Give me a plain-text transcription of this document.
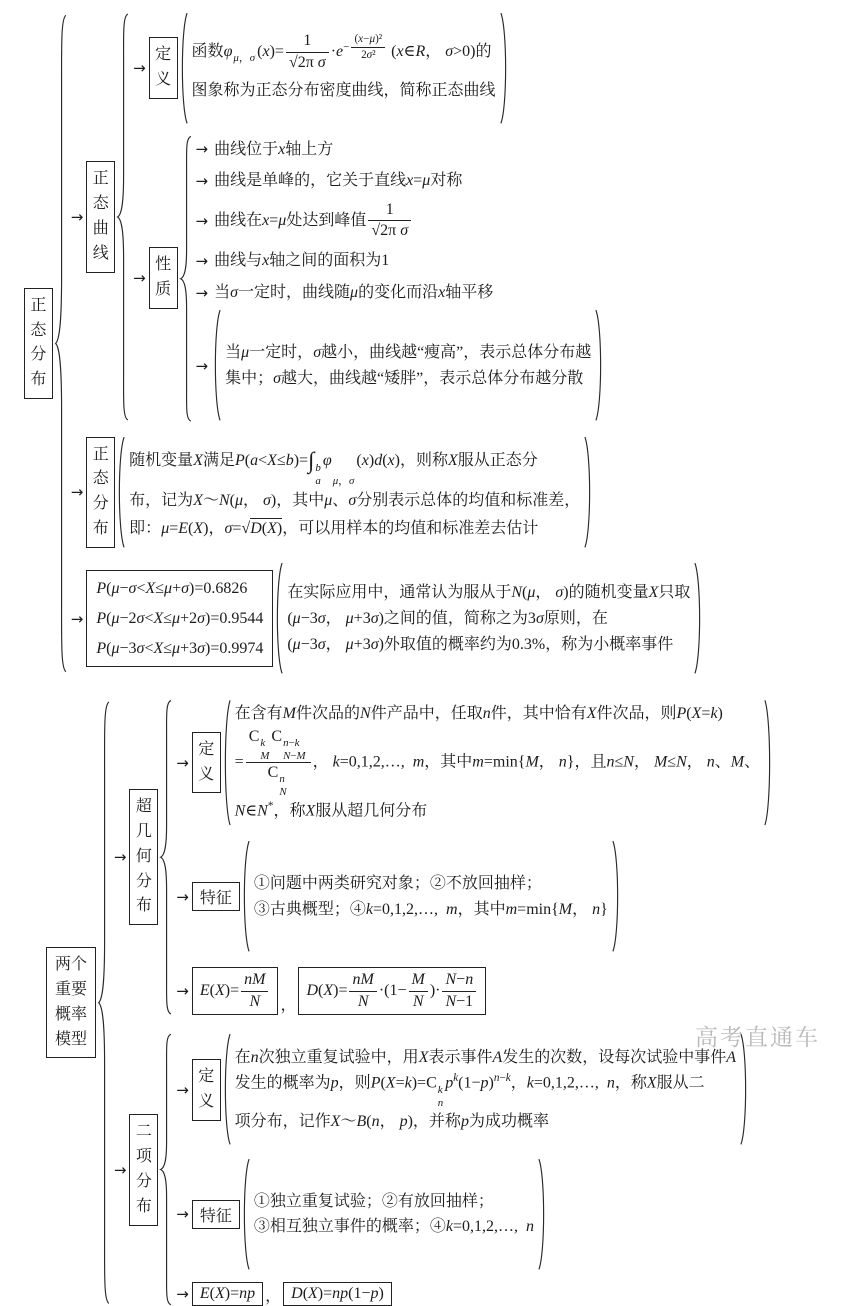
正态分布
→
正态曲线
→
定义
函数φ μ，σ
$(x)= \frac{1}{\text{√2π σ}} \cdot e^{- \frac{\text{(x−μ)²}}{\text{2σ²}}}$ (x∈R， σ>0)的
图象称为正态分布密度曲线，简称正态曲线
→
性质
→ 曲线位于x轴上方
→ 曲线是单峰的，它关于直线x=μ对称
→ 曲线在x=μ处达到峰值 $\frac{1}{\text{√2π σ}}$
→ 曲线与x轴之间的面积为1
→ 当σ一定时，曲线随μ的变化而沿x轴平移
→
当μ一定时，σ越小，曲线越“瘦高”，表示总体分布越
集中；σ越大，曲线越“矮胖”，表示总体分布越分散
→
正态分布
随机变量X满足P(a<X≤b)=∫ b
a
φ

μ，σ
(x)d(x)，则称X服从正态分
布，记为X～N(μ， σ)，其中μ、σ分别表示总体的均值和标准差，
即：μ=E(X)，σ=√D(X)，可以用样本的均值和标准差去估计
→
P(μ−σ<X≤μ+σ)=0.6826
P(μ−2σ<X≤μ+2σ)=0.9544
P(μ−3σ<X≤μ+3σ)=0.9974
在实际应用中，通常认为服从于N(μ， σ)的随机变量X只取
(μ−3σ， μ+3σ)之间的值，简称之为3σ原则，在
(μ−3σ， μ+3σ)外取值的概率约为0.3%，称为小概率事件
两个重要概率模型
→
超几何分布
→
定义
在含有M件次品的N件产品中，任取n件，其中恰有X件次品，则P(X=k)
=
C k
M
C n−k
N−M
C n
N
， k=0,1,2,…,  m，其中m=min{M， n}，且n≤N， M≤N， n、M、
N∈N*，称X服从超几何分布
→ 特征
①问题中两类研究对象；②不放回抽样；
③古典概型；④k=0,1,2,…,  m，其中m=min{M， n}
→ $E(X)= \frac{nM}{N}$ ，
$D(X)= \frac{nM}{N} \cdot(1- \frac{M}{N}$ )· $\frac{N-n}{N-1}$
→
二项分布
→
定义
在n次独立重复试验中，用X表示事件A发生的次数，设每次试验中事件A
发生的概率为p，则P(X=k)=C k
n
$p^k(1-p)^{n-k}$，k=0,1,2,…,  n，称X服从二
项分布，记作X～B(n， p)，并称p为成功概率
→ 特征
①独立重复试验；②有放回抽样；
③相互独立事件的概率；④k=0,1,2,…,  n
→ E(X)=np ， D(X)=np(1−p)
高考直通车
